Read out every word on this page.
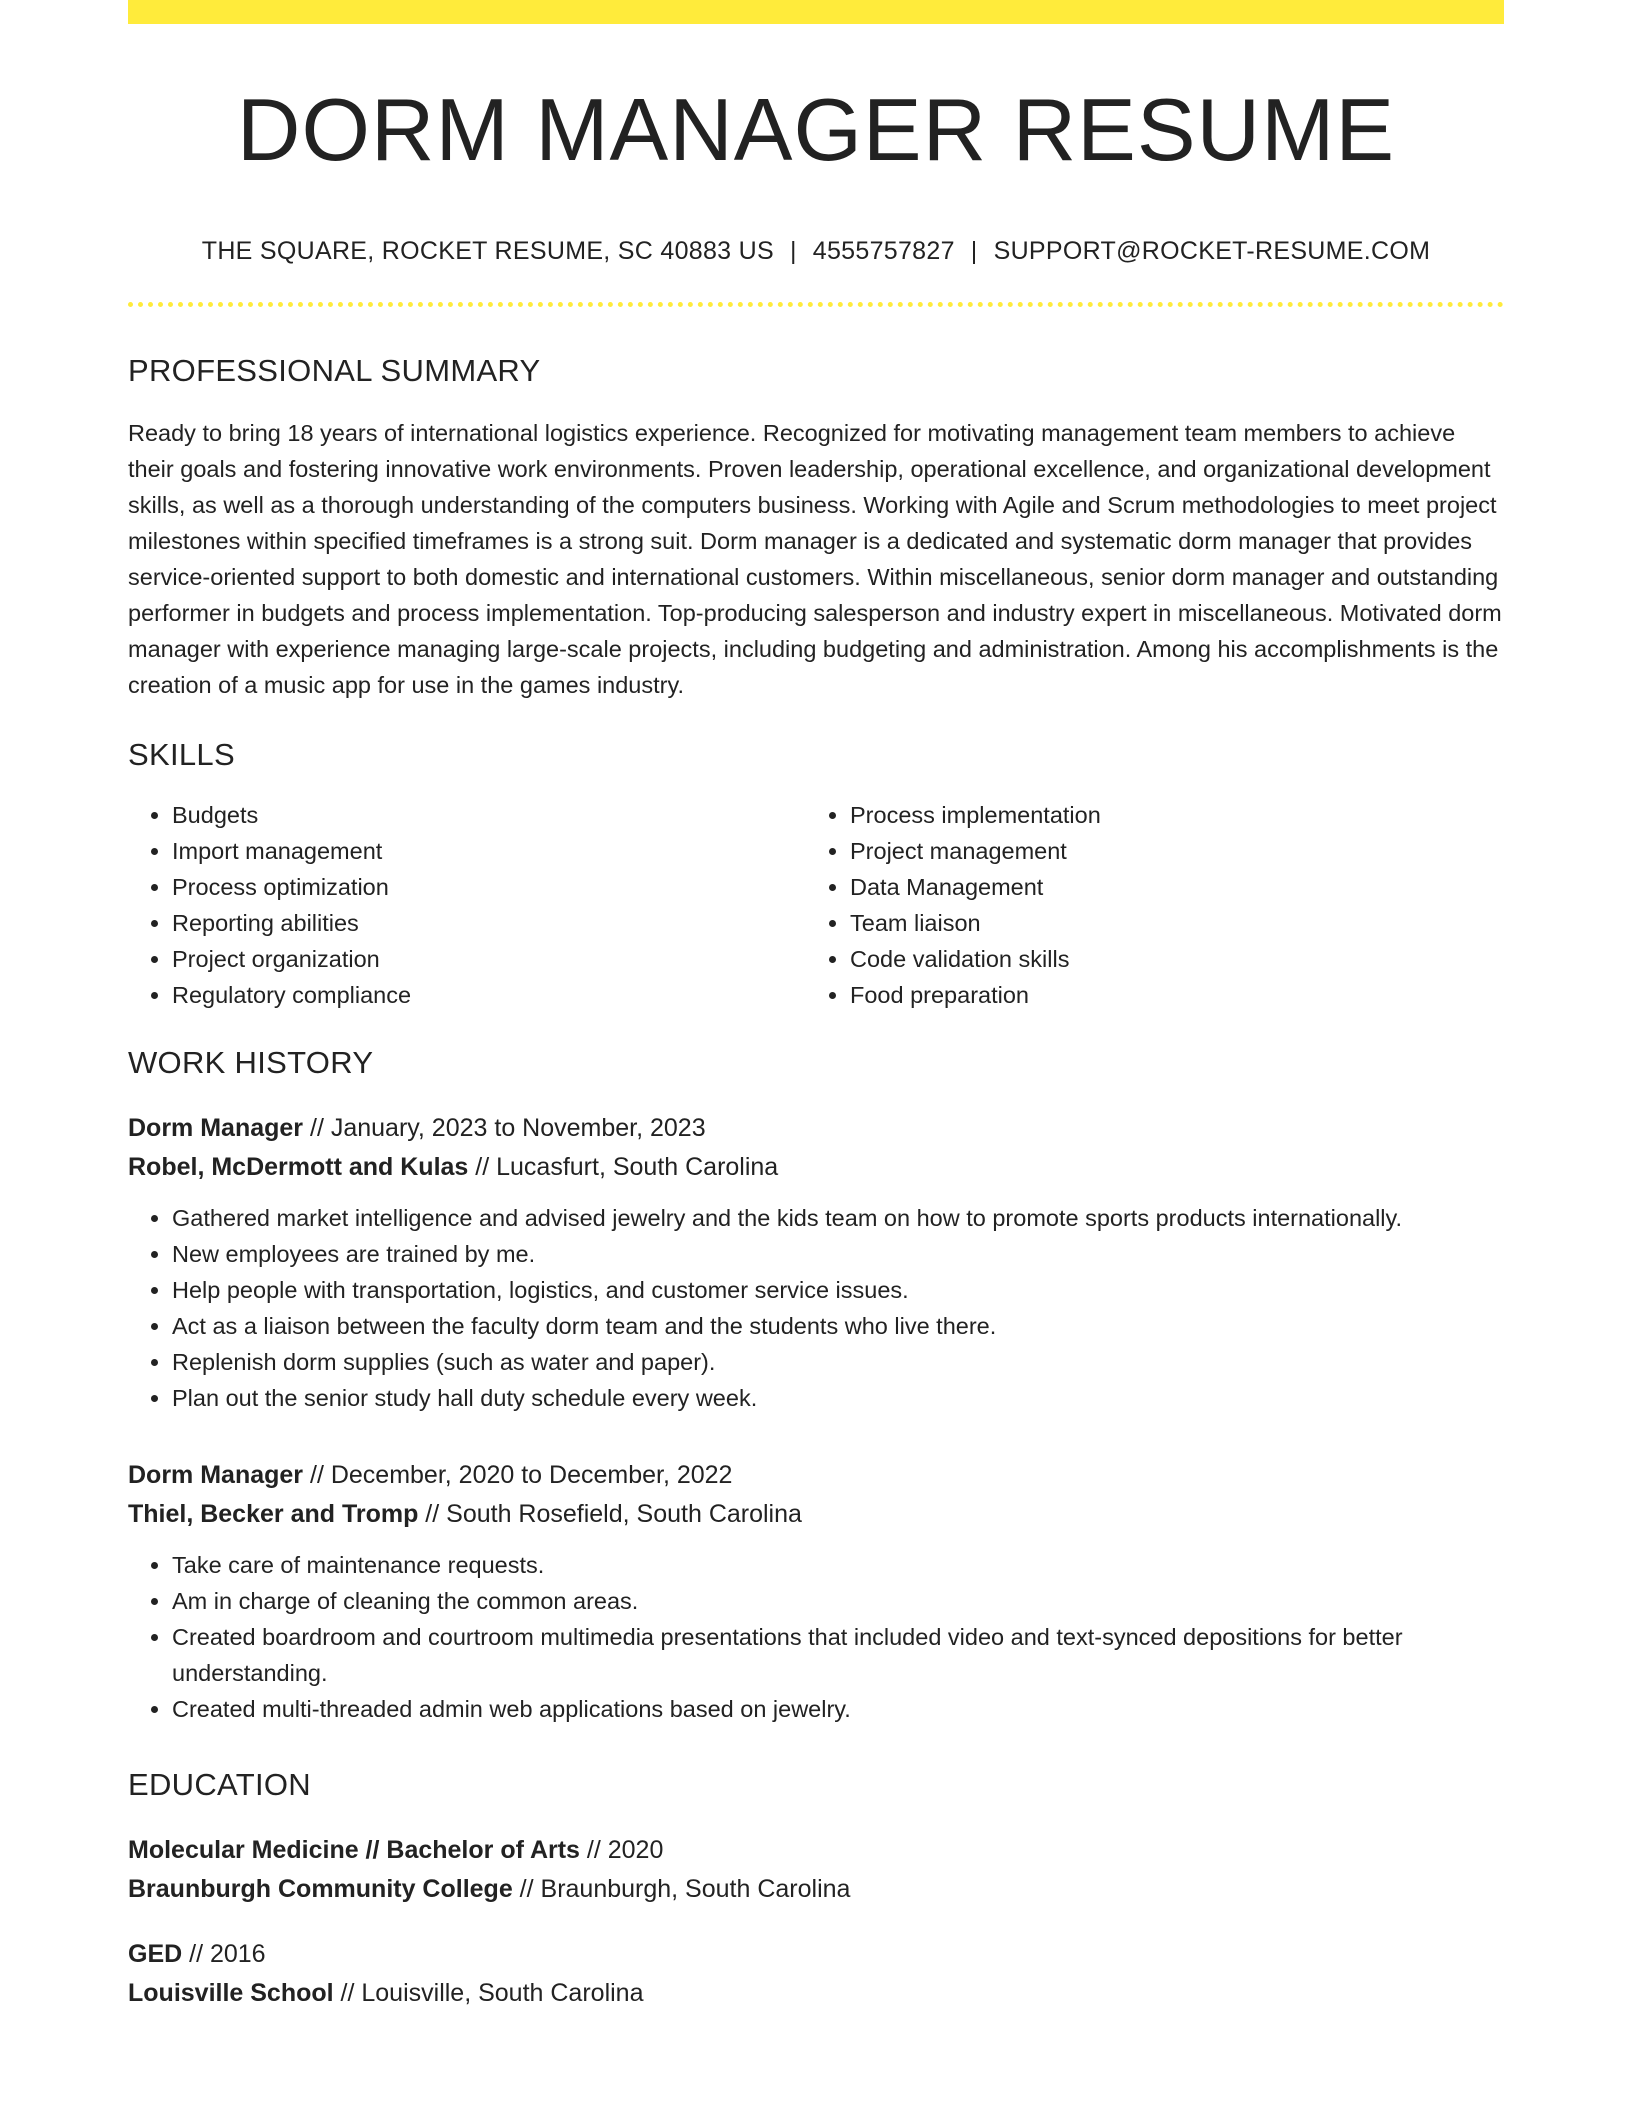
DORM MANAGER RESUME
THE SQUARE, ROCKET RESUME, SC 40883 US | 4555757827 | SUPPORT@ROCKET-RESUME.COM
PROFESSIONAL SUMMARY

Ready to bring 18 years of international logistics experience. Recognized for motivating management team members to achieve their goals and fostering innovative work environments. Proven leadership, operational excellence, and organizational development skills, as well as a thorough understanding of the computers business. Working with Agile and Scrum methodologies to meet project milestones within specified timeframes is a strong suit. Dorm manager is a dedicated and systematic dorm manager that provides service-oriented support to both domestic and international customers. Within miscellaneous, senior dorm manager and outstanding performer in budgets and process implementation. Top-producing salesperson and industry expert in miscellaneous. Motivated dorm manager with experience managing large-scale projects, including budgeting and administration. Among his accomplishments is the creation of a music app for use in the games industry.

SKILLS
• Budgets
• Import management
• Process optimization
• Reporting abilities
• Project organization
• Regulatory compliance
• Process implementation
• Project management
• Data Management
• Team liaison
• Code validation skills
• Food preparation
WORK HISTORY
Dorm Manager // January, 2023 to November, 2023
Robel, McDermott and Kulas // Lucasfurt, South Carolina
• Gathered market intelligence and advised jewelry and the kids team on how to promote sports products internationally.
• New employees are trained by me.
• Help people with transportation, logistics, and customer service issues.
• Act as a liaison between the faculty dorm team and the students who live there.
• Replenish dorm supplies (such as water and paper).
• Plan out the senior study hall duty schedule every week.
Dorm Manager // December, 2020 to December, 2022
Thiel, Becker and Tromp // South Rosefield, South Carolina
• Take care of maintenance requests.
• Am in charge of cleaning the common areas.
• Created boardroom and courtroom multimedia presentations that included video and text-synced depositions for better understanding.
• Created multi-threaded admin web applications based on jewelry.
EDUCATION
Molecular Medicine // Bachelor of Arts // 2020
Braunburgh Community College // Braunburgh, South Carolina
GED // 2016
Louisville School // Louisville, South Carolina
